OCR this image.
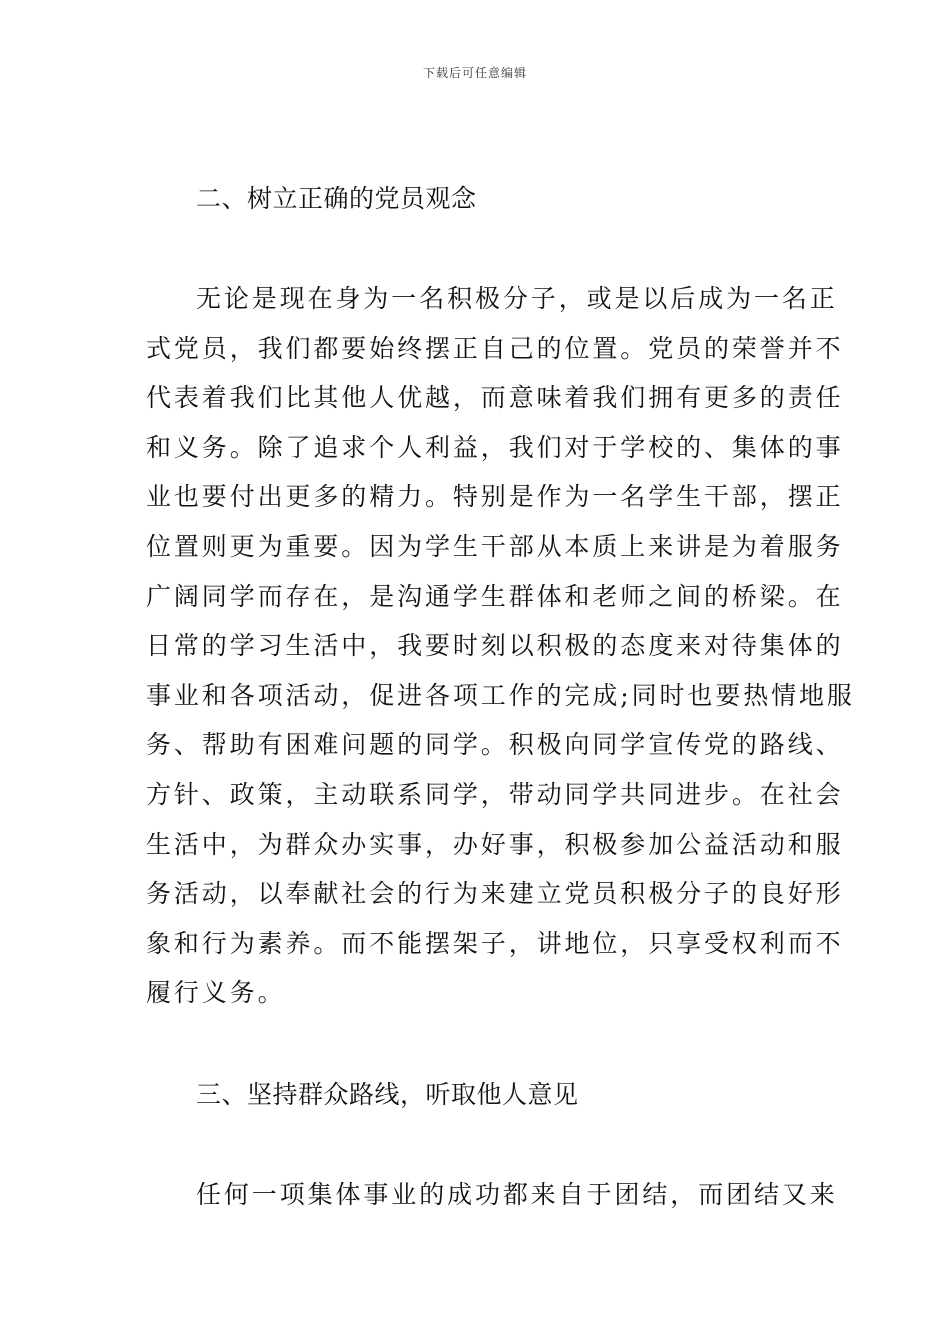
下载后可任意编辑
二、树立正确的党员观念
无论是现在身为一名积极分子，或是以后成为一名正
式党员，我们都要始终摆正自己的位置。党员的荣誉并不
代表着我们比其他人优越，而意味着我们拥有更多的责任
和义务。除了追求个人利益，我们对于学校的、集体的事
业也要付出更多的精力。特别是作为一名学生干部，摆正
位置则更为重要。因为学生干部从本质上来讲是为着服务
广阔同学而存在，是沟通学生群体和老师之间的桥梁。在
日常的学习生活中，我要时刻以积极的态度来对待集体的
事业和各项活动，促进各项工作的完成;同时也要热情地服
务、帮助有困难问题的同学。积极向同学宣传党的路线、
方针、政策，主动联系同学，带动同学共同进步。在社会
生活中，为群众办实事，办好事，积极参加公益活动和服
务活动，以奉献社会的行为来建立党员积极分子的良好形
象和行为素养。而不能摆架子，讲地位，只享受权利而不
履行义务。
三、坚持群众路线，听取他人意见
任何一项集体事业的成功都来自于团结，而团结又来
